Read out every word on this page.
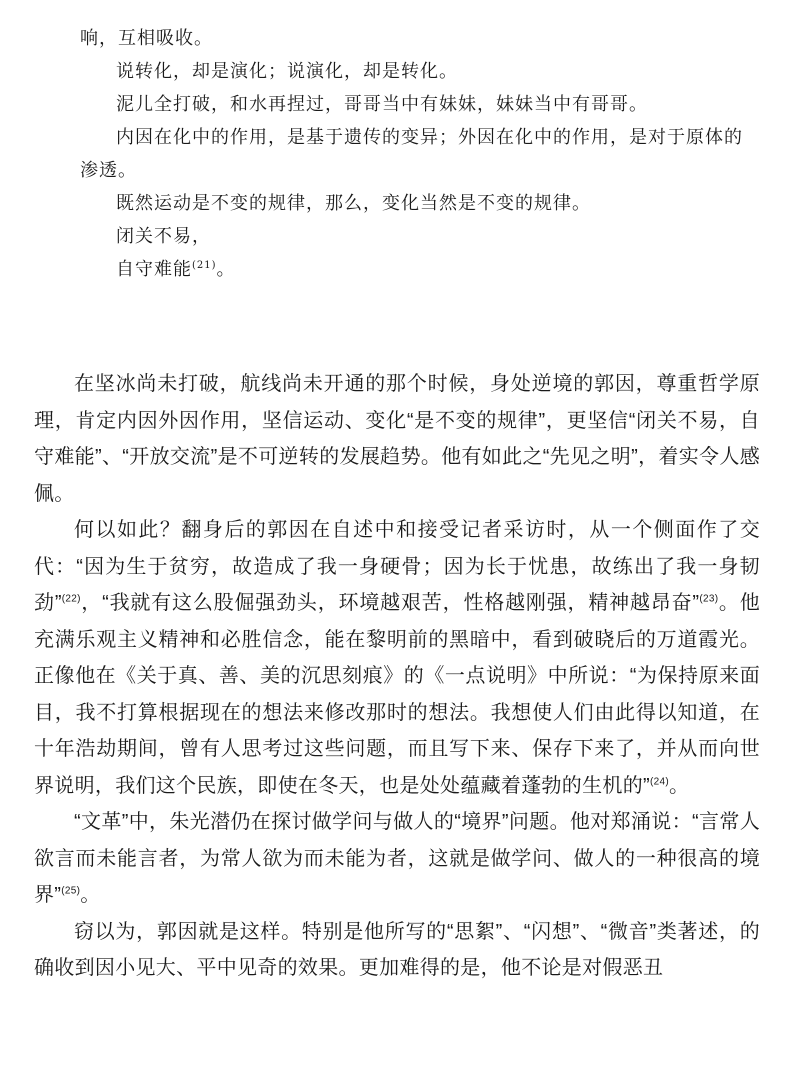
响，互相吸收。

说转化，却是演化；说演化，却是转化。

泥儿全打破，和水再捏过，哥哥当中有妹妹，妹妹当中有哥哥。

内因在化中的作用，是基于遗传的变异；外因在化中的作用，是对于原体的渗透。

既然运动是不变的规律，那么，变化当然是不变的规律。

闭关不易，

自守难能$^{(21)}$。

在坚冰尚未打破，航线尚未开通的那个时候，身处逆境的郭因，尊重哲学原理，肯定内因外因作用，坚信运动、变化“是不变的规律”，更坚信“闭关不易，自守难能”、“开放交流”是不可逆转的发展趋势。他有如此之“先见之明”，着实令人感佩。

何以如此？翻身后的郭因在自述中和接受记者采访时，从一个侧面作了交代：“因为生于贫穷，故造成了我一身硬骨；因为长于忧患，故练出了我一身韧劲”$^{(22)}$，“我就有这么股倔强劲头，环境越艰苦，性格越刚强，精神越昂奋”$^{(23)}$。他充满乐观主义精神和必胜信念，能在黎明前的黑暗中，看到破晓后的万道霞光。正像他在《关于真、善、美的沉思刻痕》的《一点说明》中所说：“为保持原来面目，我不打算根据现在的想法来修改那时的想法。我想使人们由此得以知道，在十年浩劫期间，曾有人思考过这些问题，而且写下来、保存下来了，并从而向世界说明，我们这个民族，即使在冬天，也是处处蕴藏着蓬勃的生机的”$^{(24)}$。

“文革”中，朱光潜仍在探讨做学问与做人的“境界”问题。他对郑涌说：“言常人欲言而未能言者，为常人欲为而未能为者，这就是做学问、做人的一种很高的境界”$^{(25)}$。

窃以为，郭因就是这样。特别是他所写的“思絮”、“闪想”、“微音”类著述，的确收到因小见大、平中见奇的效果。更加难得的是，他不论是对假恶丑
